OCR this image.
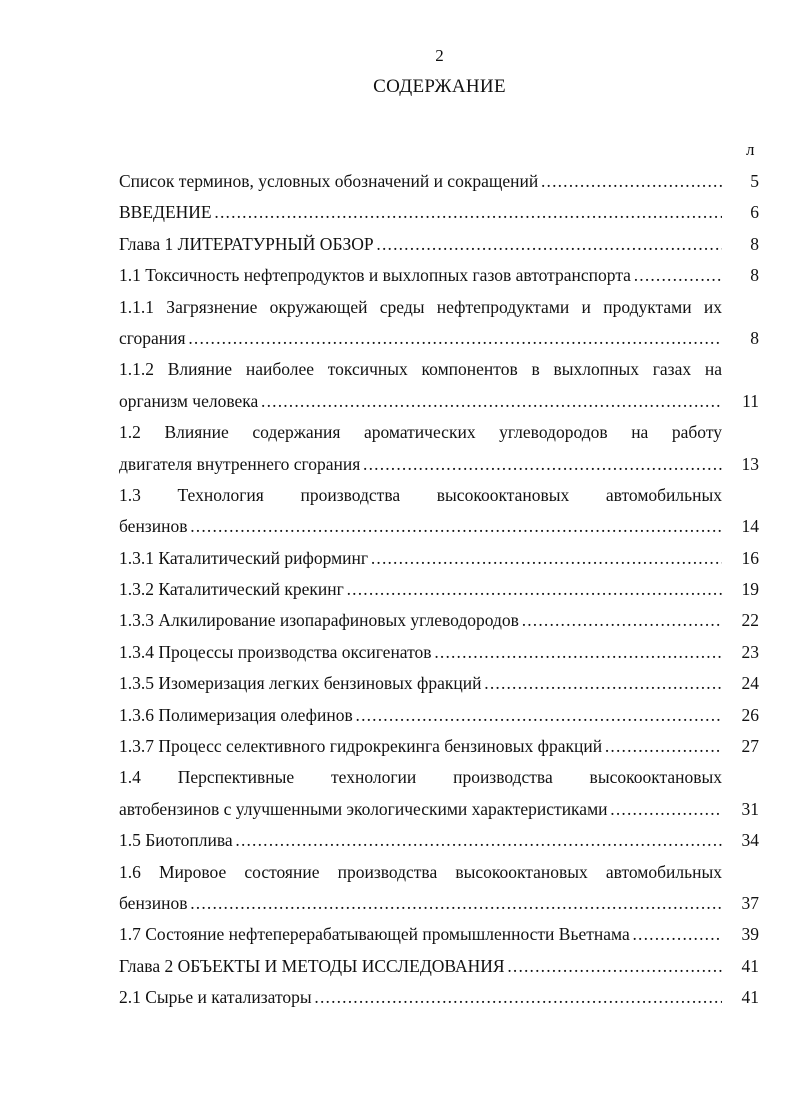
2
СОДЕРЖАНИЕ
л
Список терминов, условных обозначений и сокращений . . .	5
ВВЕДЕНИЕ . . .	6
Глава 1 ЛИТЕРАТУРНЫЙ ОБЗОР . . .	8
1.1 Токсичность нефтепродуктов и выхлопных газов автотранспорта . . .	8
1.1.1 Загрязнение окружающей среды нефтепродуктами и продуктами их
сгорания . . .	8
1.1.2 Влияние наиболее токсичных компонентов в выхлопных газах на
организм человека . . .	11
1.2 Влияние содержания ароматических углеводородов на работу
двигателя внутреннего сгорания . . .	13
1.3 Технология производства высокооктановых автомобильных
бензинов . . .	14
1.3.1 Каталитический риформинг . . .	16
1.3.2 Каталитический крекинг . . .	19
1.3.3 Алкилирование изопарафиновых углеводородов . . .	22
1.3.4 Процессы производства оксигенатов . . .	23
1.3.5 Изомеризация легких бензиновых фракций . . .	24
1.3.6 Полимеризация олефинов . . .	26
1.3.7 Процесс селективного гидрокрекинга бензиновых фракций . . .	27
1.4 Перспективные технологии производства высокооктановых
автобензинов с улучшенными экологическими характеристиками . . .	31
1.5 Биотоплива . . .	34
1.6 Мировое состояние производства высокооктановых автомобильных
бензинов . . .	37
1.7 Состояние нефтеперерабатывающей промышленности Вьетнама . . .	39
Глава 2 ОБЪЕКТЫ И МЕТОДЫ ИССЛЕДОВАНИЯ . . .	41
2.1 Сырье и катализаторы . . .	41
